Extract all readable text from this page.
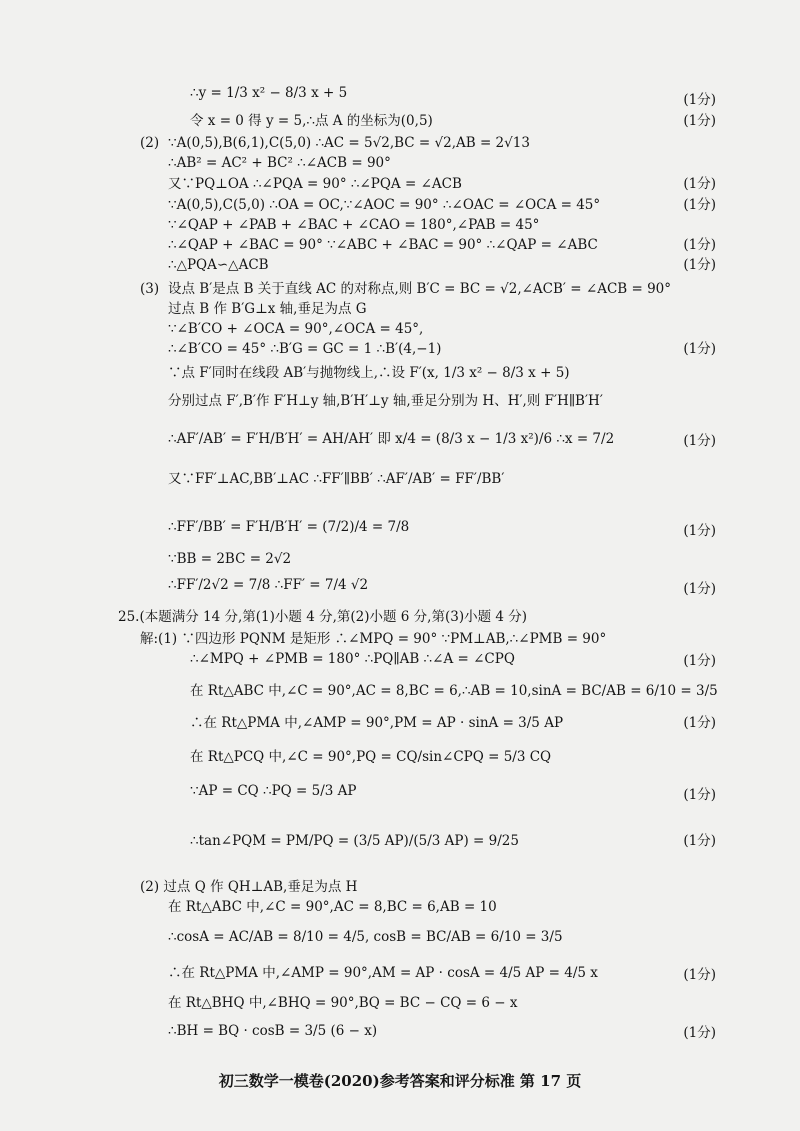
∴y = 1/3 x² − 8/3 x + 5	(1分)
令 x = 0 得 y = 5,∴点 A 的坐标为(0,5)	(1分)
(2) ∵A(0,5),B(6,1),C(5,0) ∴AC = 5√2,BC = √2,AB = 2√13
∴AB² = AC² + BC² ∴∠ACB = 90°
又∵PQ⊥OA ∴∠PQA = 90° ∴∠PQA = ∠ACB	(1分)
∵A(0,5),C(5,0) ∴OA = OC,∵∠AOC = 90° ∴∠OAC = ∠OCA = 45°	(1分)
∵∠QAP + ∠PAB + ∠BAC + ∠CAO = 180°,∠PAB = 45°
∴∠QAP + ∠BAC = 90° ∵∠ABC + ∠BAC = 90° ∴∠QAP = ∠ABC	(1分)
∴△PQA∽△ACB	(1分)
(3) 设点 B′是点 B 关于直线 AC 的对称点,则 B′C = BC = √2,∠ACB′ = ∠ACB = 90°
过点 B 作 B′G⊥x 轴,垂足为点 G
∵∠B′CO + ∠OCA = 90°,∠OCA = 45°,
∴∠B′CO = 45° ∴B′G = GC = 1 ∴B′(4,−1)	(1分)
∵点 F′同时在线段 AB′与抛物线上,∴设 F′(x, 1/3 x² − 8/3 x + 5)
分别过点 F′,B′作 F′H⊥y 轴,B′H′⊥y 轴,垂足分别为 H、H′,则 F′H∥B′H′
∴AF′/AB′ = F′H/B′H′ = AH/AH′ 即 x/4 = (8/3 x − 1/3 x²)/6 ∴x = 7/2	(1分)
又∵FF′⊥AC,BB′⊥AC ∴FF′∥BB′ ∴AF′/AB′ = FF′/BB′
∴FF′/BB′ = F′H/B′H′ = (7/2)/4 = 7/8	(1分)
∵BB = 2BC = 2√2
∴FF′/2√2 = 7/8 ∴FF′ = 7/4 √2	(1分)
25.(本题满分 14 分,第(1)小题 4 分,第(2)小题 6 分,第(3)小题 4 分)
解:(1) ∵四边形 PQNM 是矩形 ∴∠MPQ = 90° ∵PM⊥AB,∴∠PMB = 90°
∴∠MPQ + ∠PMB = 180° ∴PQ∥AB ∴∠A = ∠CPQ	(1分)
在 Rt△ABC 中,∠C = 90°,AC = 8,BC = 6,∴AB = 10,sinA = BC/AB = 6/10 = 3/5
∴在 Rt△PMA 中,∠AMP = 90°,PM = AP · sinA = 3/5 AP	(1分)
在 Rt△PCQ 中,∠C = 90°,PQ = CQ/sin∠CPQ = 5/3 CQ
∵AP = CQ ∴PQ = 5/3 AP	(1分)
∴tan∠PQM = PM/PQ = (3/5 AP)/(5/3 AP) = 9/25	(1分)
(2) 过点 Q 作 QH⊥AB,垂足为点 H
在 Rt△ABC 中,∠C = 90°,AC = 8,BC = 6,AB = 10
∴cosA = AC/AB = 8/10 = 4/5, cosB = BC/AB = 6/10 = 3/5
∴在 Rt△PMA 中,∠AMP = 90°,AM = AP · cosA = 4/5 AP = 4/5 x	(1分)
在 Rt△BHQ 中,∠BHQ = 90°,BQ = BC − CQ = 6 − x
∴BH = BQ · cosB = 3/5 (6 − x)	(1分)
初三数学一模卷(2020)参考答案和评分标准 第 17 页
